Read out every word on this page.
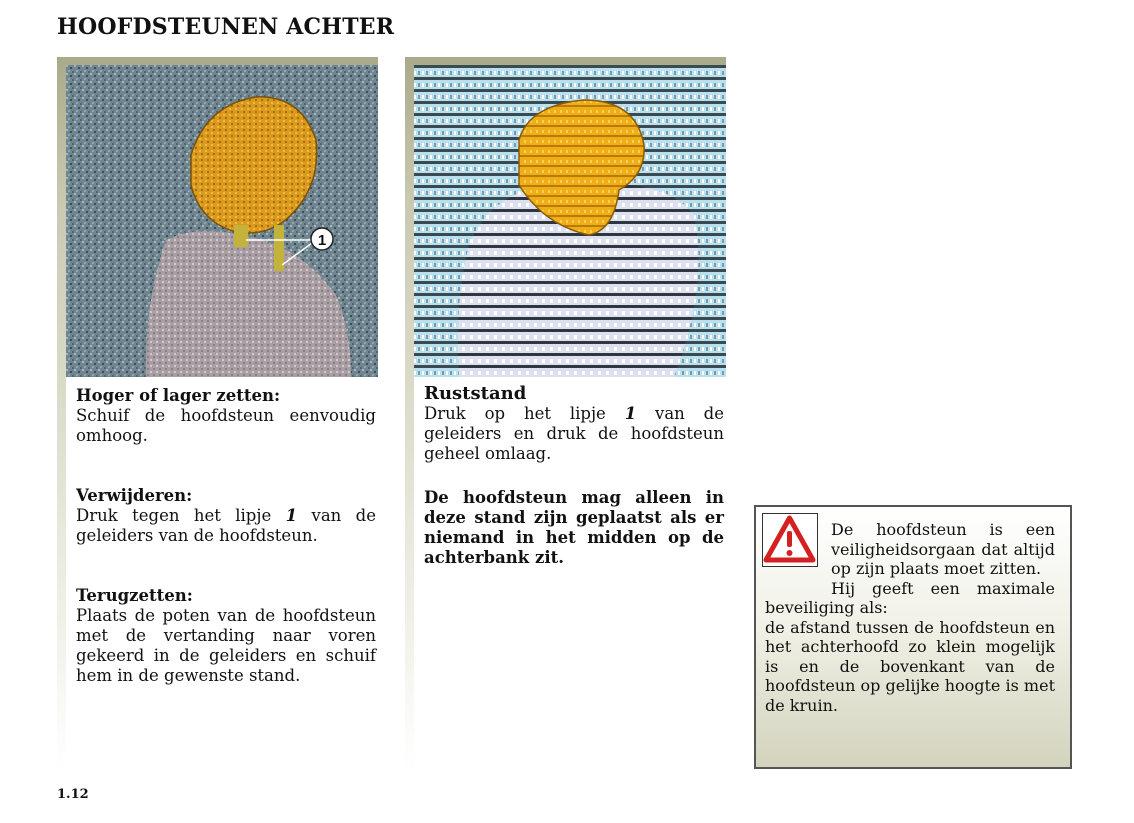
HOOFDSTEUNEN ACHTER
1

Hoger of lager zetten:

Schuif de hoofdsteun eenvoudig omhoog.

Verwijderen:

Druk tegen het lipje 1 van de geleiders van de hoofdsteun.

Terugzetten:

Plaats de poten van de hoofdsteun met de vertanding naar voren gekeerd in de geleiders en schuif hem in de gewenste stand.

Ruststand

Druk op het lipje 1 van de geleiders en druk de hoofdsteun geheel omlaag.

De hoofdsteun mag alleen in deze stand zijn geplaatst als er niemand in het midden op de achterbank zit.

De hoofdsteun is een veiligheidsorgaan dat altijd op zijn plaats moet zitten.

Hij geeft een maximale beveiliging als:

de afstand tussen de hoofdsteun en het achterhoofd zo klein mogelijk is en de bovenkant van de hoofdsteun op gelijke hoogte is met de kruin.

1.12
